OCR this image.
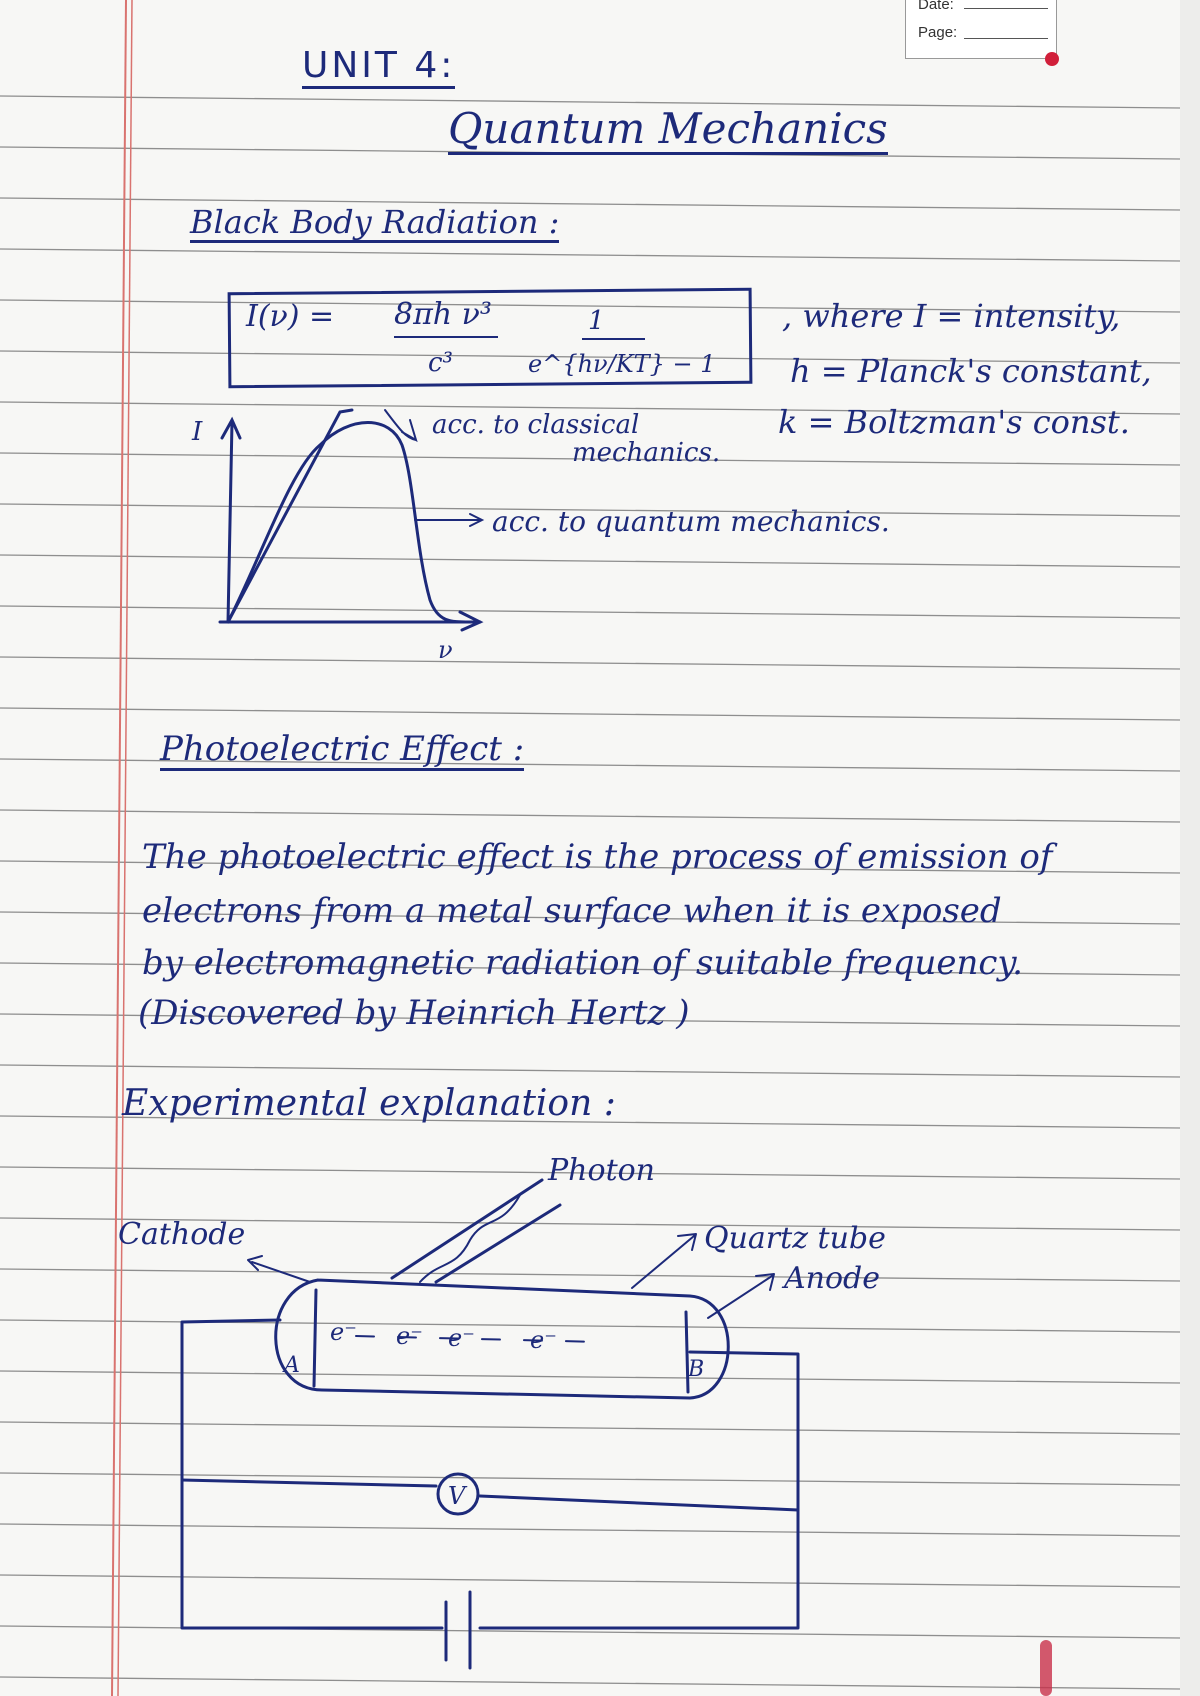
Date:
Page:
UNIT 4:
Quantum Mechanics
Black Body Radiation :
I(ν) = 8πh ν³
c³
1
e^{hν/KT} − 1
, where I = intensity,
h = Planck's constant,
k = Boltzman's const.
I
ν
acc. to classical
mechanics.
acc. to quantum mechanics.
Photoelectric Effect :
The photoelectric effect is the process of emission of
electrons from a metal surface when it is exposed
by electromagnetic radiation of suitable frequency.
(Discovered by Heinrich Hertz )
Experimental explanation :
Photon
Cathode	Quartz tube
Anode
A	B
e⁻ e⁻ e⁻ e⁻
V
